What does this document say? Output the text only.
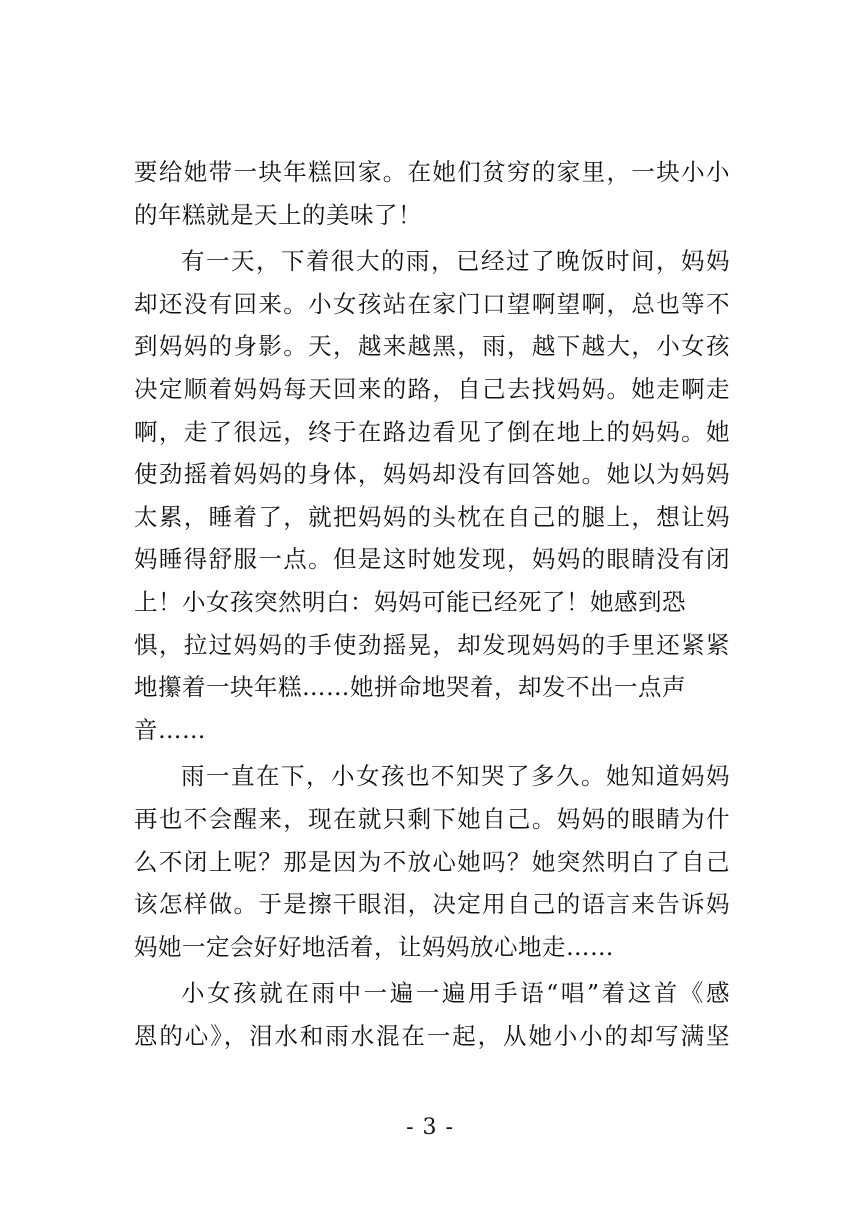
要给她带一块年糕回家。在她们贫穷的家里，一块小小
的年糕就是天上的美味了！
有一天，下着很大的雨，已经过了晚饭时间，妈妈
却还没有回来。小女孩站在家门口望啊望啊，总也等不
到妈妈的身影。天，越来越黑，雨，越下越大，小女孩
决定顺着妈妈每天回来的路，自己去找妈妈。她走啊走
啊，走了很远，终于在路边看见了倒在地上的妈妈。她
使劲摇着妈妈的身体，妈妈却没有回答她。她以为妈妈
太累，睡着了，就把妈妈的头枕在自己的腿上，想让妈
妈睡得舒服一点。但是这时她发现，妈妈的眼睛没有闭
上！小女孩突然明白：妈妈可能已经死了！她感到恐
惧，拉过妈妈的手使劲摇晃，却发现妈妈的手里还紧紧
地攥着一块年糕……她拼命地哭着，却发不出一点声
音……
雨一直在下，小女孩也不知哭了多久。她知道妈妈
再也不会醒来，现在就只剩下她自己。妈妈的眼睛为什
么不闭上呢？那是因为不放心她吗？她突然明白了自己
该怎样做。于是擦干眼泪，决定用自己的语言来告诉妈
妈她一定会好好地活着，让妈妈放心地走……
小女孩就在雨中一遍一遍用手语“唱”着这首《感
恩的心》，泪水和雨水混在一起，从她小小的却写满坚
- 3 -
